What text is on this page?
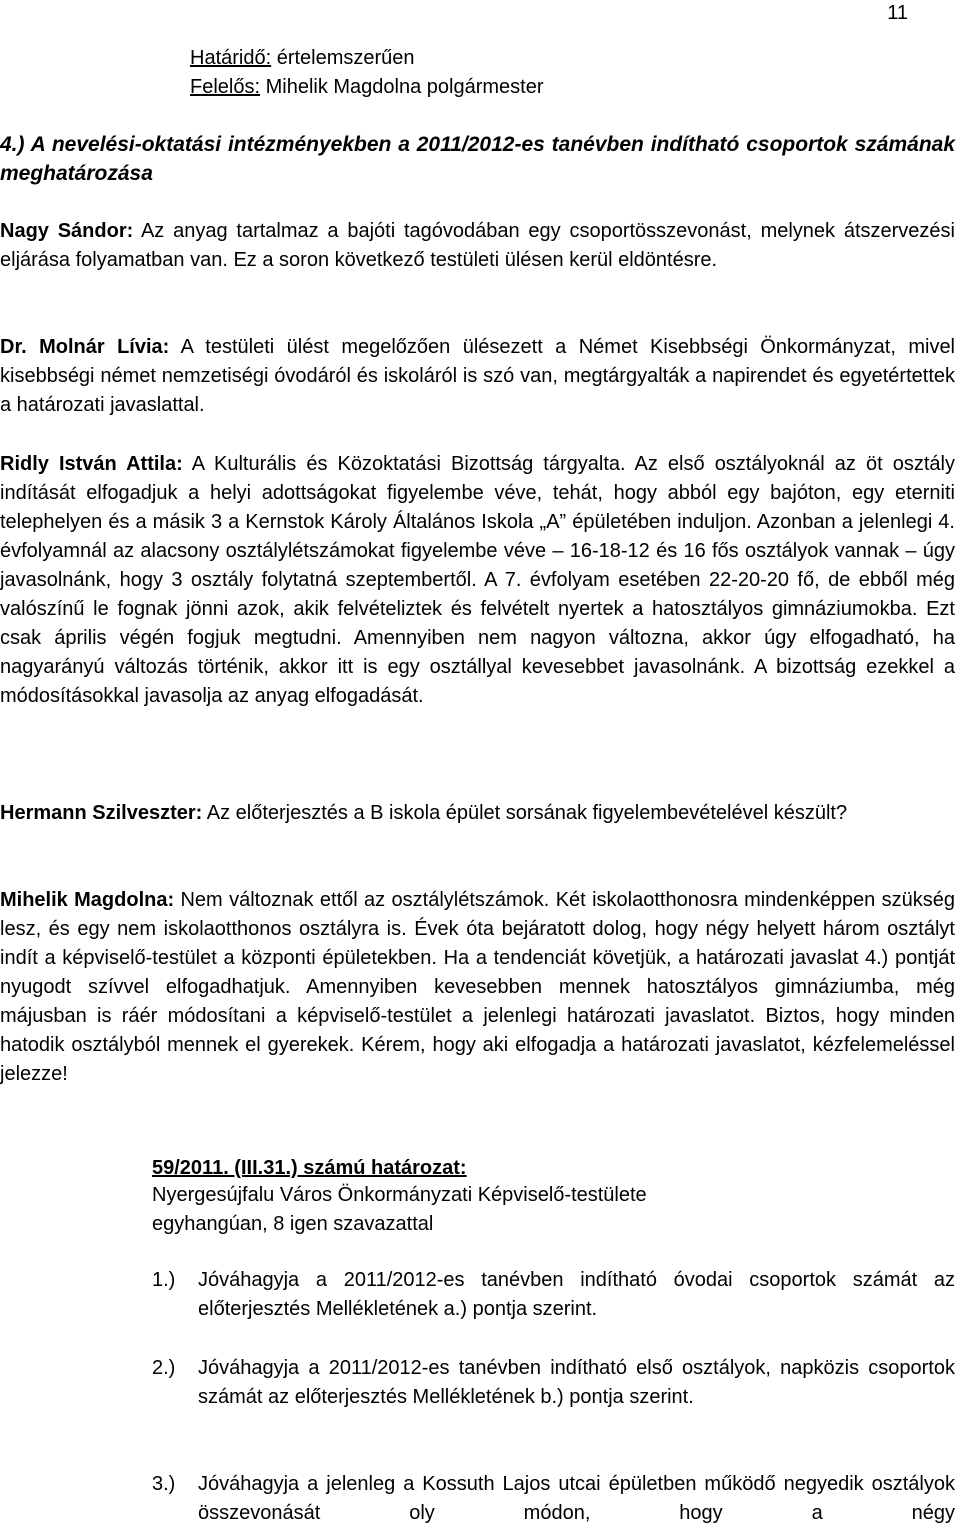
11
Határidő: értelemszerűen
Felelős: Mihelik Magdolna polgármester
4.) A nevelési-oktatási intézményekben a 2011/2012-es tanévben indítható csoportok számának meghatározása
Nagy Sándor: Az anyag tartalmaz a bajóti tagóvodában egy csoportösszevonást, melynek átszervezési eljárása folyamatban van. Ez a soron következő testületi ülésen kerül eldöntésre.
Dr. Molnár Lívia: A testületi ülést megelőzően ülésezett a Német Kisebbségi Önkormányzat, mivel kisebbségi német nemzetiségi óvodáról és iskoláról is szó van, megtárgyalták a napirendet és egyetértettek a határozati javaslattal.
Ridly István Attila: A Kulturális és Közoktatási Bizottság tárgyalta. Az első osztályoknál az öt osztály indítását elfogadjuk a helyi adottságokat figyelembe véve, tehát, hogy abból egy bajóton, egy eterniti telephelyen és a másik 3 a Kernstok Károly Általános Iskola „A” épületében induljon. Azonban a jelenlegi 4. évfolyamnál az alacsony osztálylétszámokat figyelembe véve – 16-18-12 és 16 fős osztályok vannak – úgy javasolnánk, hogy 3 osztály folytatná szeptembertől. A 7. évfolyam esetében 22-20-20 fő, de ebből még valószínű le fognak jönni azok, akik felvételiztek és felvételt nyertek a hatosztályos gimnáziumokba. Ezt csak április végén fogjuk megtudni. Amennyiben nem nagyon változna, akkor úgy elfogadható, ha nagyarányú változás történik, akkor itt is egy osztállyal kevesebbet javasolnánk. A bizottság ezekkel a módosításokkal javasolja az anyag elfogadását.
Hermann Szilveszter: Az előterjesztés a B iskola épület sorsának figyelembevételével készült?
Mihelik Magdolna: Nem változnak ettől az osztálylétszámok. Két iskolaotthonosra mindenképpen szükség lesz, és egy nem iskolaotthonos osztályra is. Évek óta bejáratott dolog, hogy négy helyett három osztályt indít a képviselő-testület a központi épületekben. Ha a tendenciát követjük, a határozati javaslat 4.) pontját nyugodt szívvel elfogadhatjuk. Amennyiben kevesebben mennek hatosztályos gimnáziumba, még májusban is ráér módosítani a képviselő-testület a jelenlegi határozati javaslatot. Biztos, hogy minden hatodik osztályból mennek el gyerekek. Kérem, hogy aki elfogadja a határozati javaslatot, kézfelemeléssel jelezze!
59/2011. (III.31.) számú határozat:
Nyergesújfalu Város Önkormányzati Képviselő-testülete
egyhangúan, 8 igen szavazattal
1.)	Jóváhagyja a 2011/2012-es tanévben indítható óvodai csoportok számát az előterjesztés Mellékletének a.) pontja szerint.
2.)	Jóváhagyja a 2011/2012-es tanévben indítható első osztályok, napközis csoportok számát az előterjesztés Mellékletének b.) pontja szerint.
3.)	Jóváhagyja a jelenleg a Kossuth Lajos utcai épületben működő negyedik osztályok összevonását oly módon, hogy a négy
